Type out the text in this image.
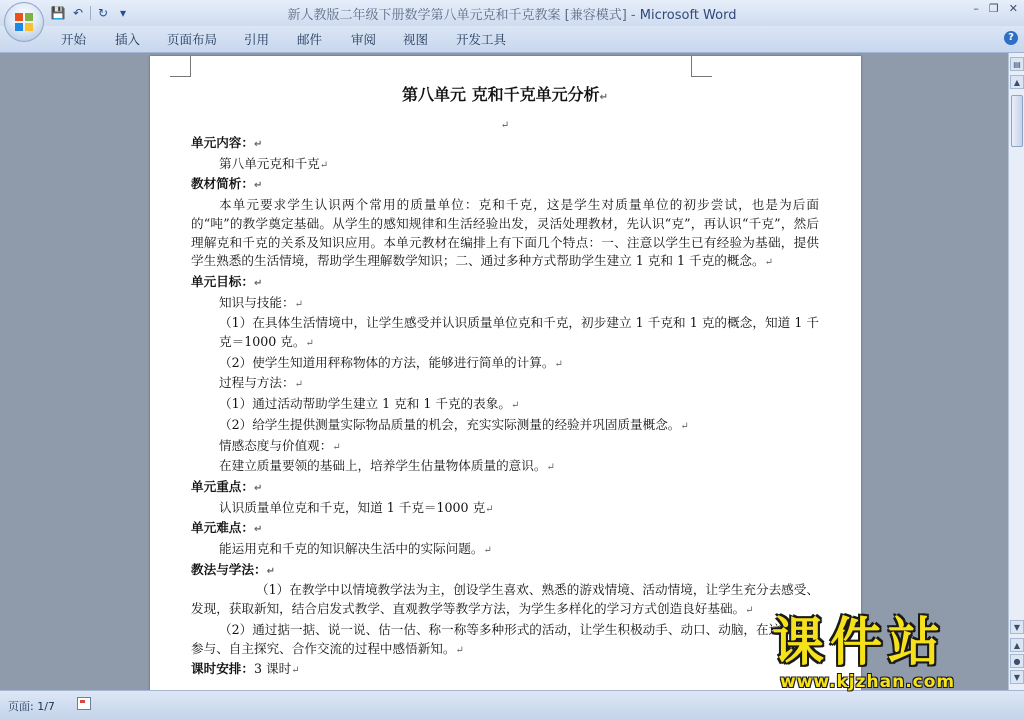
💾 ↶ ↻ ▾	新人教版二年级下册数学第八单元克和千克教案 [兼容模式] - Microsoft Word	– ❐ ✕
开始 插入 页面布局 引用 邮件 审阅 视图 开发工具	?
第八单元 克和千克单元分析↵
↵

单元内容：↵

第八单元克和千克↵

教材简析：↵

本单元要求学生认识两个常用的质量单位：克和千克，这是学生对质量单位的初步尝试，也是为后面的“吨”的教学奠定基础。从学生的感知规律和生活经验出发，灵活处理教材，先认识“克”，再认识“千克”，然后理解克和千克的关系及知识应用。本单元教材在编排上有下面几个特点：一、注意以学生已有经验为基础，提供学生熟悉的生活情境，帮助学生理解数学知识；二、通过多种方式帮助学生建立 1 克和 1 千克的概念。↵

单元目标：↵

知识与技能：↵

（1）在具体生活情境中，让学生感受并认识质量单位克和千克，初步建立 1 千克和 1 克的概念，知道 1 千克＝1000 克。↵

（2）使学生知道用秤称物体的方法，能够进行简单的计算。↵

过程与方法：↵

（1）通过活动帮助学生建立 1 克和 1 千克的表象。↵

（2）给学生提供测量实际物品质量的机会，充实实际测量的经验并巩固质量概念。↵

情感态度与价值观：↵

在建立质量要领的基础上，培养学生估量物体质量的意识。↵

单元重点：↵

认识质量单位克和千克，知道 1 千克＝1000 克↵

单元难点：↵

能运用克和千克的知识解决生活中的实际问题。↵

教法与学法：↵

（1）在教学中以情境教学法为主，创设学生喜欢、熟悉的游戏情境、活动情境，让学生充分去感受、发现，获取新知，结合启发式教学、直观教学等教学方法，为学生多样化的学习方式创造良好基础。↵

（2）通过掂一掂、说一说、估一估、称一称等多种形式的活动，让学生积极动手、动口、动脑，在这种主动参与、自主探究、合作交流的过程中感悟新知。↵

课时安排：3 课时↵

▤
▲
▼
▲
●
▼
页面: 1/7
课件站
www.kjzhan.com
